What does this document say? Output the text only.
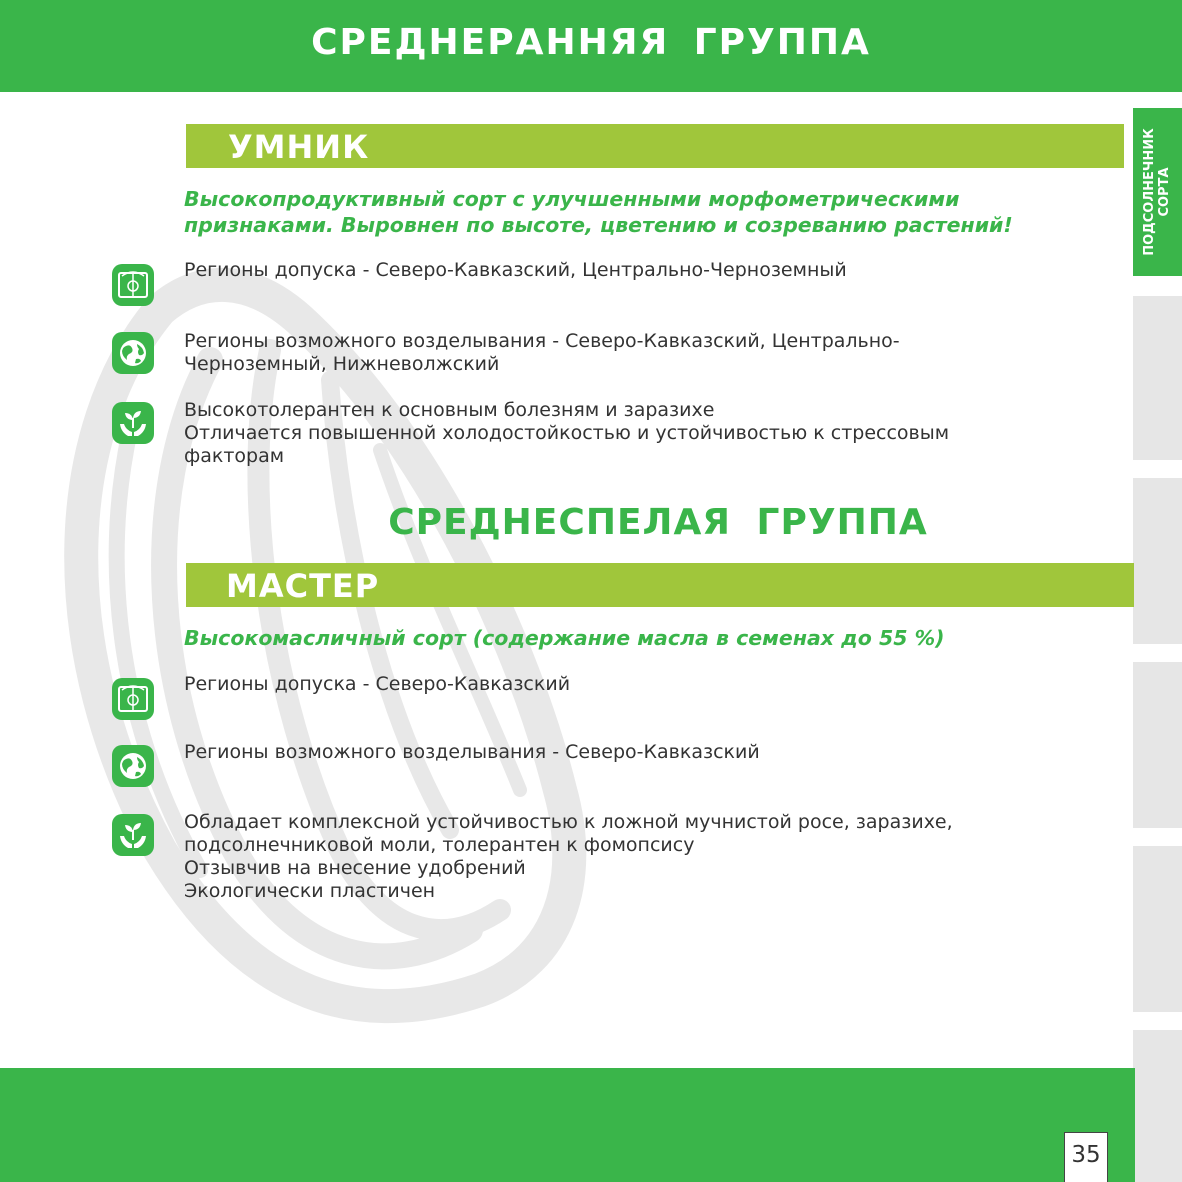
СРЕДНЕРАННЯЯ ГРУППА
ПОДСОЛНЕЧНИК СОРТА
УМНИК
Высокопродуктивный сорт с улучшенными морфометрическими
признаками. Выровнен по высоте, цветению и созреванию растений!
Регионы допуска - Северо-Кавказский, Центрально-Черноземный
Регионы возможного возделывания - Северо-Кавказский, Центрально-
Черноземный, Нижневолжский
Высокотолерантен к основным болезням и заразихе
Отличается повышенной холодостойкостью и устойчивостью к стрессовым
факторам
СРЕДНЕСПЕЛАЯ ГРУППА
МАСТЕР
Высокомасличный сорт (содержание масла в семенах до 55 %)
Регионы допуска - Северо-Кавказский
Регионы возможного возделывания - Северо-Кавказский
Обладает комплексной устойчивостью к ложной мучнистой росе, заразихе,
подсолнечниковой моли, толерантен к фомопсису
Отзывчив на внесение удобрений
Экологически пластичен
35
